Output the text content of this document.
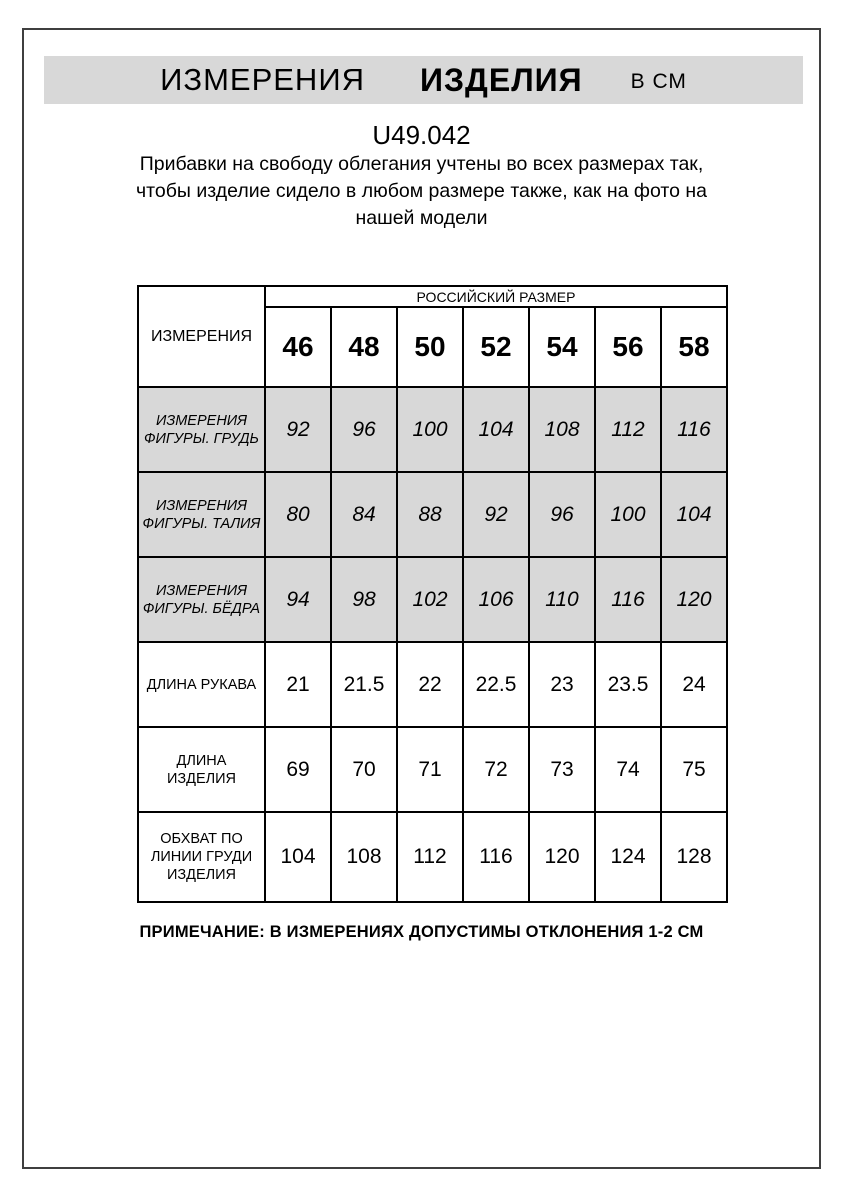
ИЗМЕРЕНИЯ ИЗДЕЛИЯ В СМ
U49.042
Прибавки на свободу облегания учтены во всех размерах так, чтобы изделие сидело в любом размере также, как на фото на нашей модели
ИЗМЕРЕНИЯ	РОССИЙСКИЙ РАЗМЕР						
	46	48	50	52	54	56	58
ИЗМЕРЕНИЯ ФИГУРЫ. ГРУДЬ	92	96	100	104	108	112	116
ИЗМЕРЕНИЯ ФИГУРЫ. ТАЛИЯ	80	84	88	92	96	100	104
ИЗМЕРЕНИЯ ФИГУРЫ. БЁДРА	94	98	102	106	110	116	120
ДЛИНА РУКАВА	21	21.5	22	22.5	23	23.5	24
ДЛИНА ИЗДЕЛИЯ	69	70	71	72	73	74	75
ОБХВАТ ПО ЛИНИИ ГРУДИ ИЗДЕЛИЯ	104	108	112	116	120	124	128
ПРИМЕЧАНИЕ: В ИЗМЕРЕНИЯХ ДОПУСТИМЫ ОТКЛОНЕНИЯ 1-2 СМ
